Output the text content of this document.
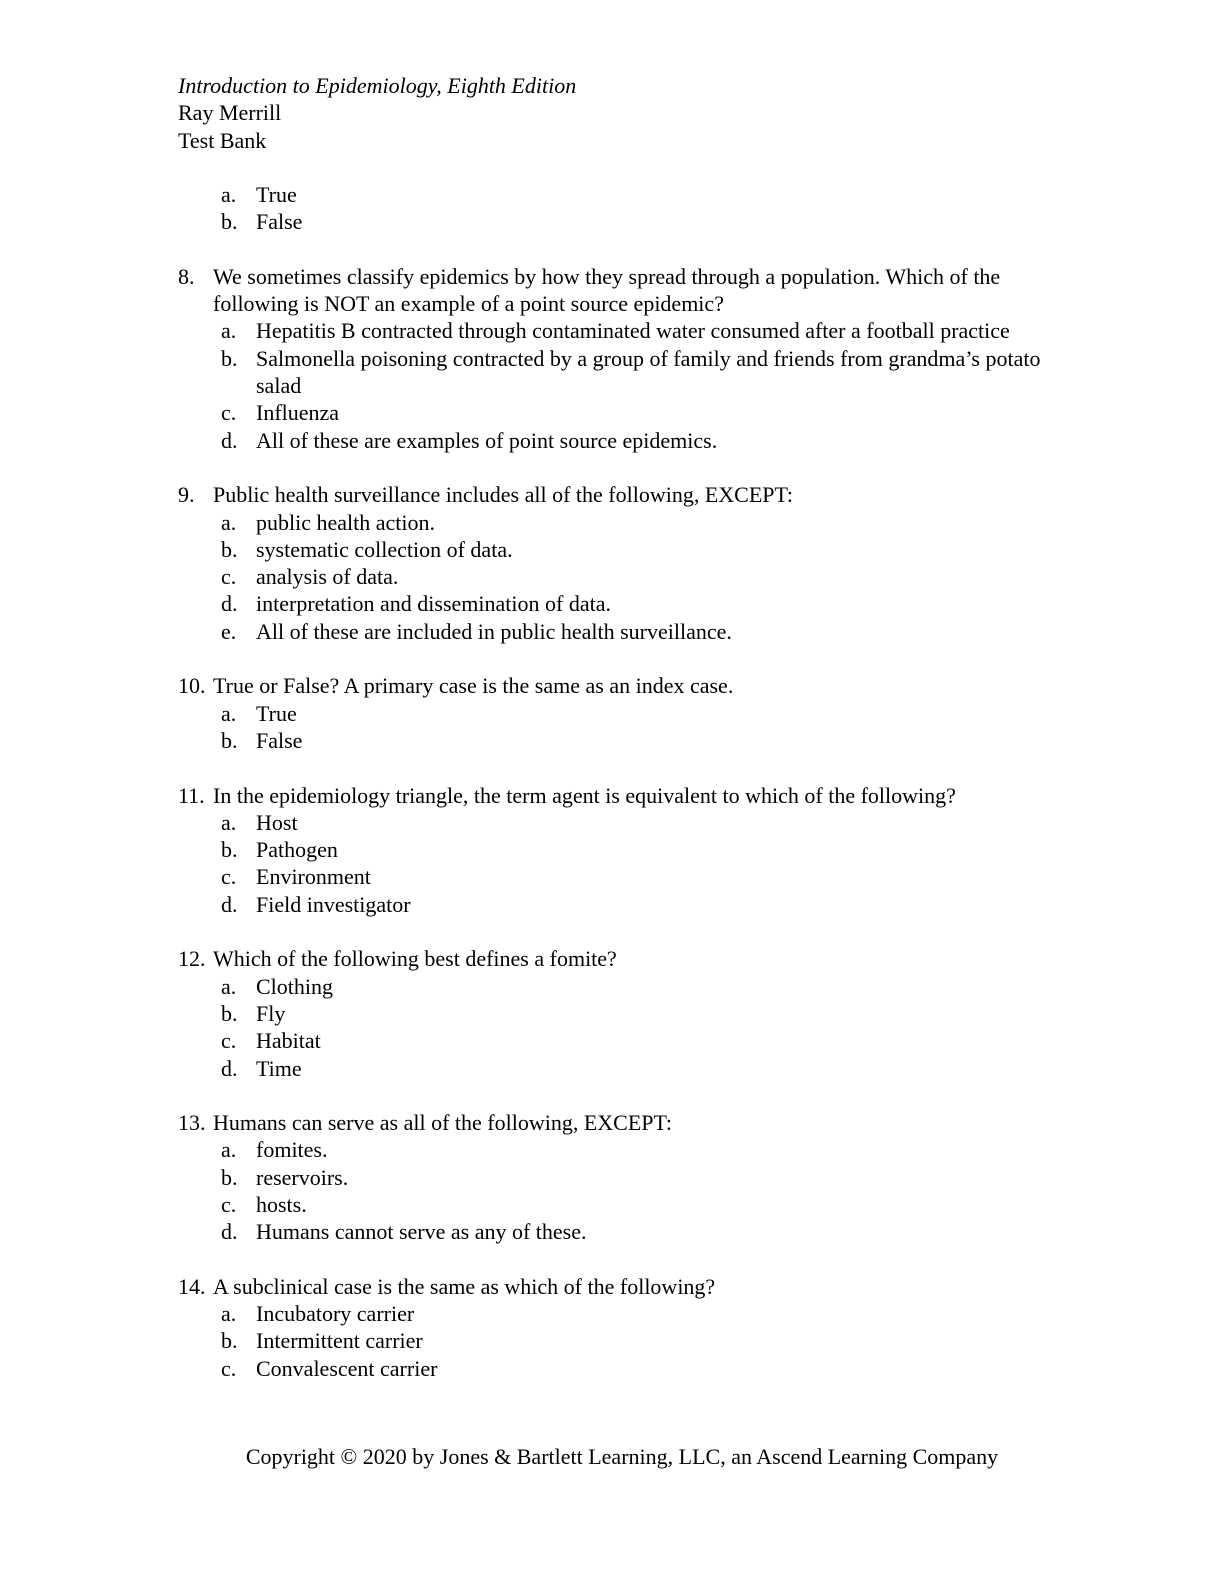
Introduction to Epidemiology, Eighth Edition
Ray Merrill
Test Bank
a. True
b. False
8. We sometimes classify epidemics by how they spread through a population. Which of the following is NOT an example of a point source epidemic?
a. Hepatitis B contracted through contaminated water consumed after a football practice
b. Salmonella poisoning contracted by a group of family and friends from grandma’s potato salad
c. Influenza
d. All of these are examples of point source epidemics.
9. Public health surveillance includes all of the following, EXCEPT:
a. public health action.
b. systematic collection of data.
c. analysis of data.
d. interpretation and dissemination of data.
e. All of these are included in public health surveillance.
10. True or False? A primary case is the same as an index case.
a. True
b. False
11. In the epidemiology triangle, the term agent is equivalent to which of the following?
a. Host
b. Pathogen
c. Environment
d. Field investigator
12. Which of the following best defines a fomite?
a. Clothing
b. Fly
c. Habitat
d. Time
13. Humans can serve as all of the following, EXCEPT:
a. fomites.
b. reservoirs.
c. hosts.
d. Humans cannot serve as any of these.
14. A subclinical case is the same as which of the following?
a. Incubatory carrier
b. Intermittent carrier
c. Convalescent carrier
Copyright © 2020 by Jones & Bartlett Learning, LLC, an Ascend Learning Company
